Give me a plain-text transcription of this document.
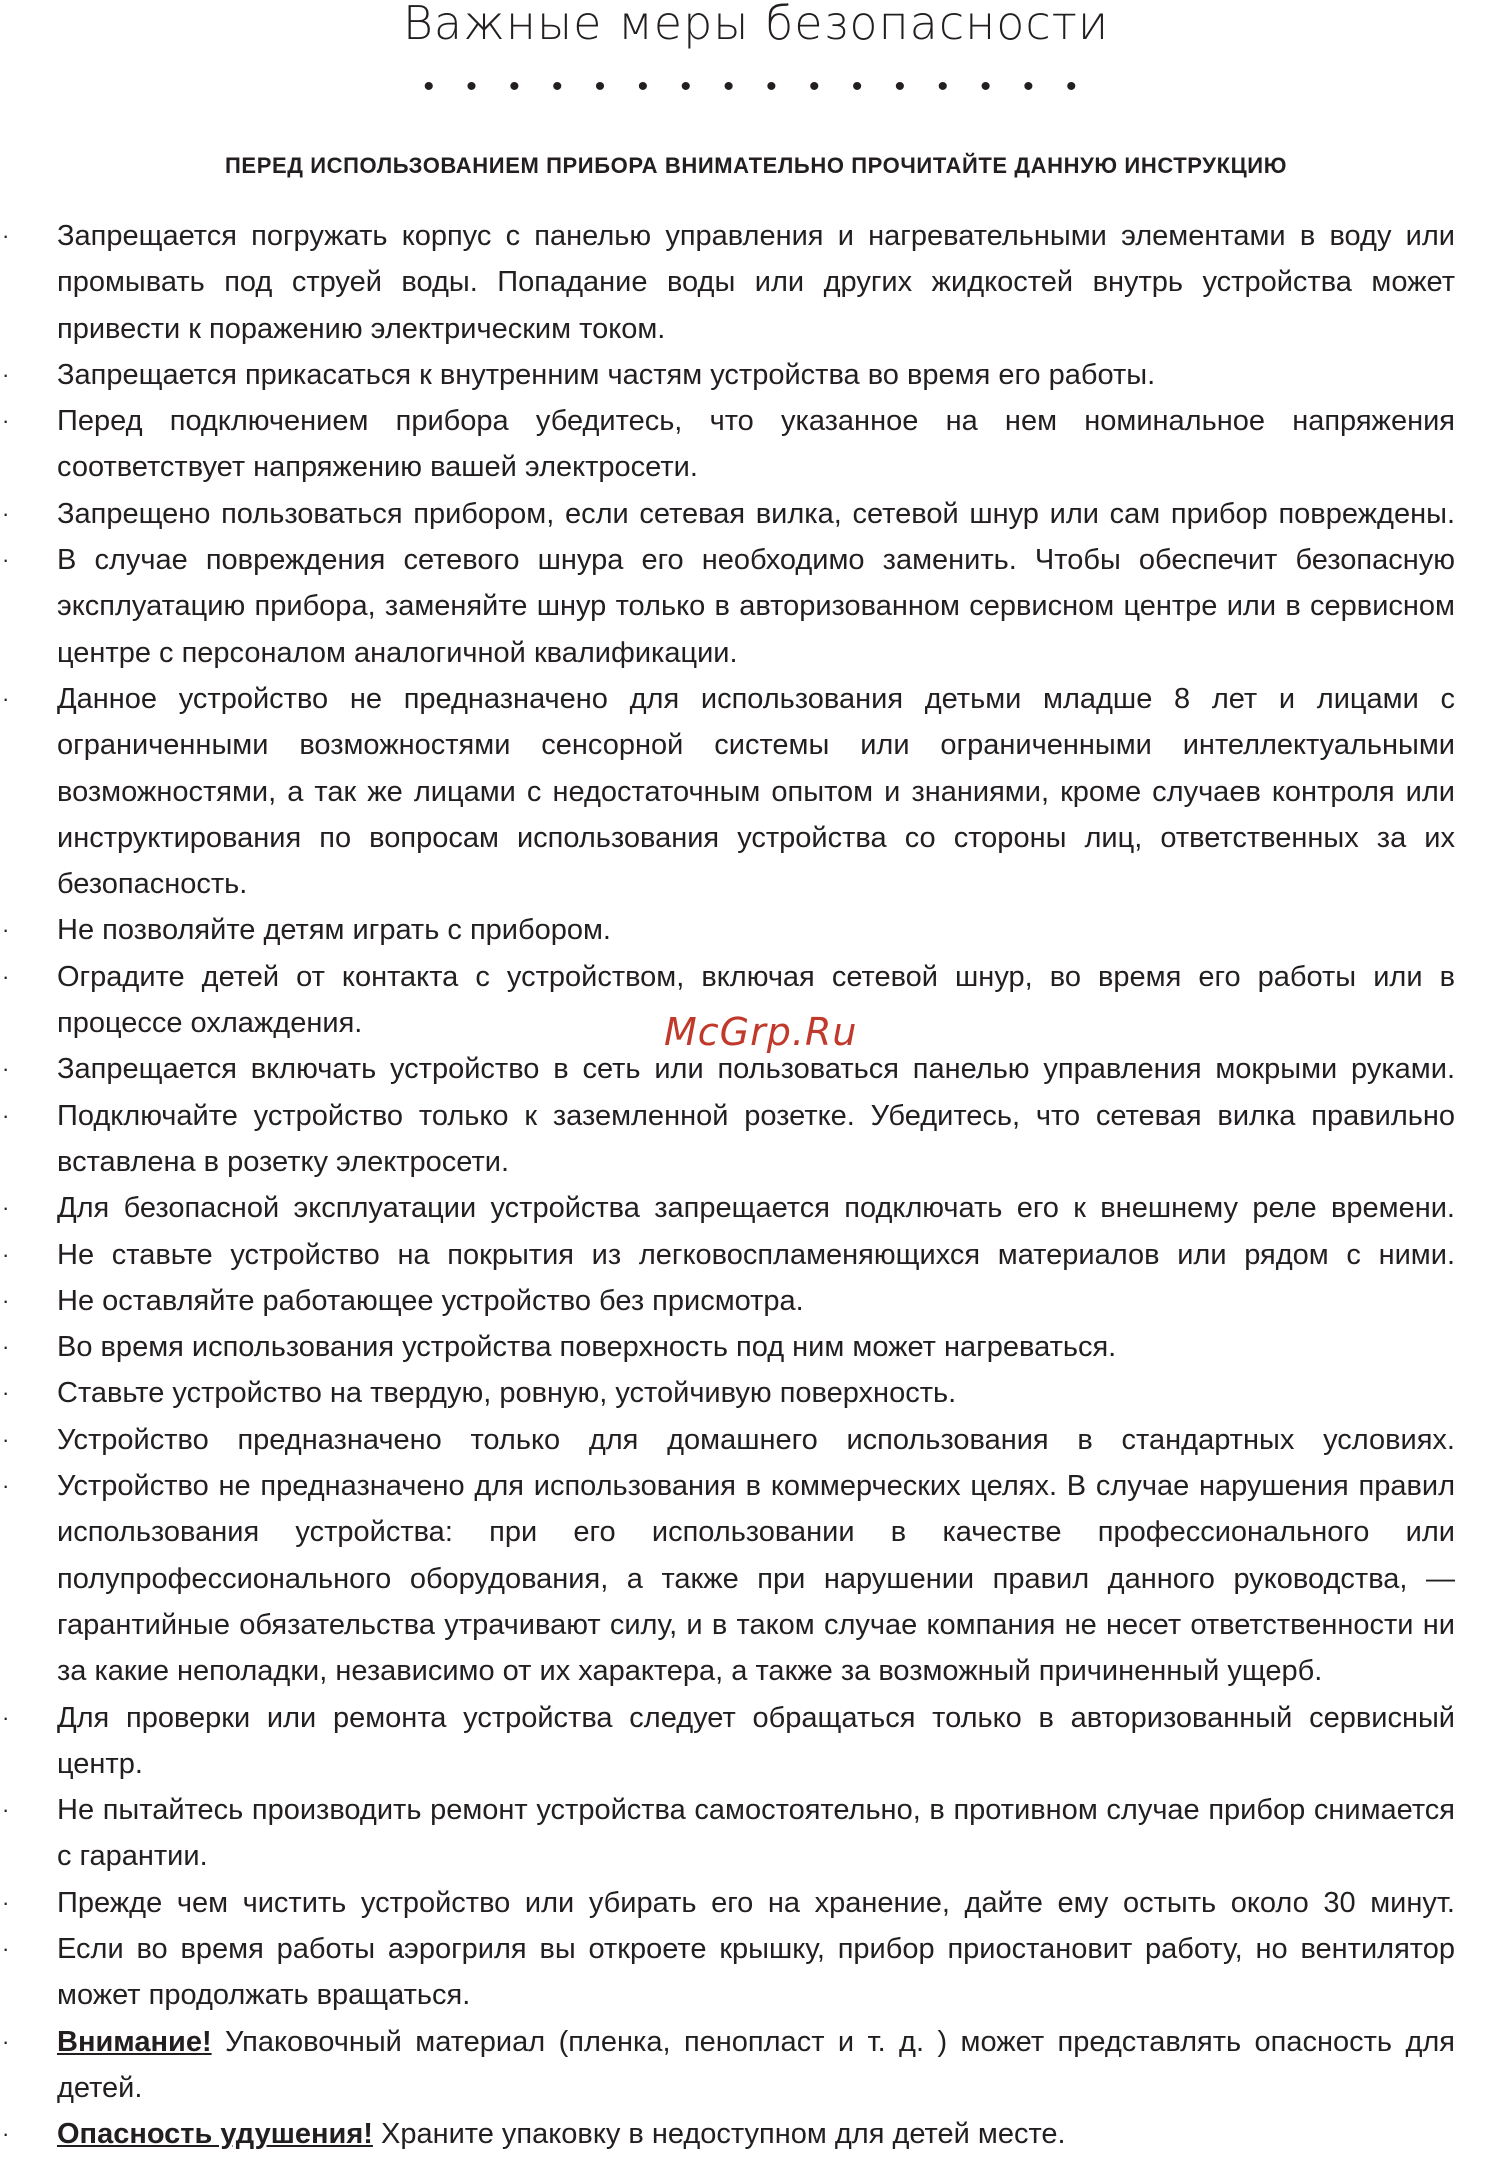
Важные меры безопасности
• • • • • • • • • • • • • • • •
ПЕРЕД ИСПОЛЬЗОВАНИЕМ ПРИБОРА ВНИМАТЕЛЬНО ПРОЧИТАЙТЕ ДАННУЮ ИНСТРУКЦИЮ
· Запрещается погружать корпус с панелью управления и нагревательными элементами в воду или промывать под струей воды. Попадание воды или других жидкостей внутрь устройства может привести к поражению электрическим током.
· Запрещается прикасаться к внутренним частям устройства во время его работы.
· Перед подключением прибора убедитесь, что указанное на нем номинальное напряжения соответствует напряжению вашей электросети.
· Запрещено пользоваться прибором, если сетевая вилка, сетевой шнур или сам прибор повреждены.
· В случае повреждения сетевого шнура его необходимо заменить. Чтобы обеспечит безопасную эксплуатацию прибора, заменяйте шнур только в авторизованном сервисном центре или в сервисном центре с персоналом аналогичной квалификации.
· Данное устройство не предназначено для использования детьми младше 8 лет и лицами с ограниченными возможностями сенсорной системы или ограниченными интеллектуальными возможностями, а так же лицами с недостаточным опытом и знаниями, кроме случаев контроля или инструктирования по вопросам использования устройства со стороны лиц, ответственных за их безопасность.
· Не позволяйте детям играть с прибором.
· Оградите детей от контакта с устройством, включая сетевой шнур, во время его работы или в процессе охлаждения.
· Запрещается включать устройство в сеть или пользоваться панелью управления мокрыми руками.
· Подключайте устройство только к заземленной розетке. Убедитесь, что сетевая вилка правильно вставлена в розетку электросети.
· Для безопасной эксплуатации устройства запрещается подключать его к внешнему реле времени.
· Не ставьте устройство на покрытия из легковоспламеняющихся материалов или рядом с ними.
· Не оставляйте работающее устройство без присмотра.
· Во время использования устройства поверхность под ним может нагреваться.
· Ставьте устройство на твердую, ровную, устойчивую поверхность.
· Устройство предназначено только для домашнего использования в стандартных условиях.
· Устройство не предназначено для использования в коммерческих целях. В случае нарушения правил использования устройства: при его использовании в качестве профессионального или полупрофессионального оборудования, а также при нарушении правил данного руководства, — гарантийные обязательства утрачивают силу, и в таком случае компания не несет ответственности ни за какие неполадки, независимо от их характера, а также за возможный причиненный ущерб.
· Для проверки или ремонта устройства следует обращаться только в авторизованный сервисный центр.
· Не пытайтесь производить ремонт устройства самостоятельно, в противном случае прибор снимается с гарантии.
· Прежде чем чистить устройство или убирать его на хранение, дайте ему остыть около 30 минут.
· Если во время работы аэрогриля вы откроете крышку, прибор приостановит работу, но вентилятор может продолжать вращаться.
· Внимание! Упаковочный материал (пленка, пенопласт и т. д. ) может представлять опасность для детей.
· Опасность удушения! Храните упаковку в недоступном для детей месте.
McGrp.Ru
